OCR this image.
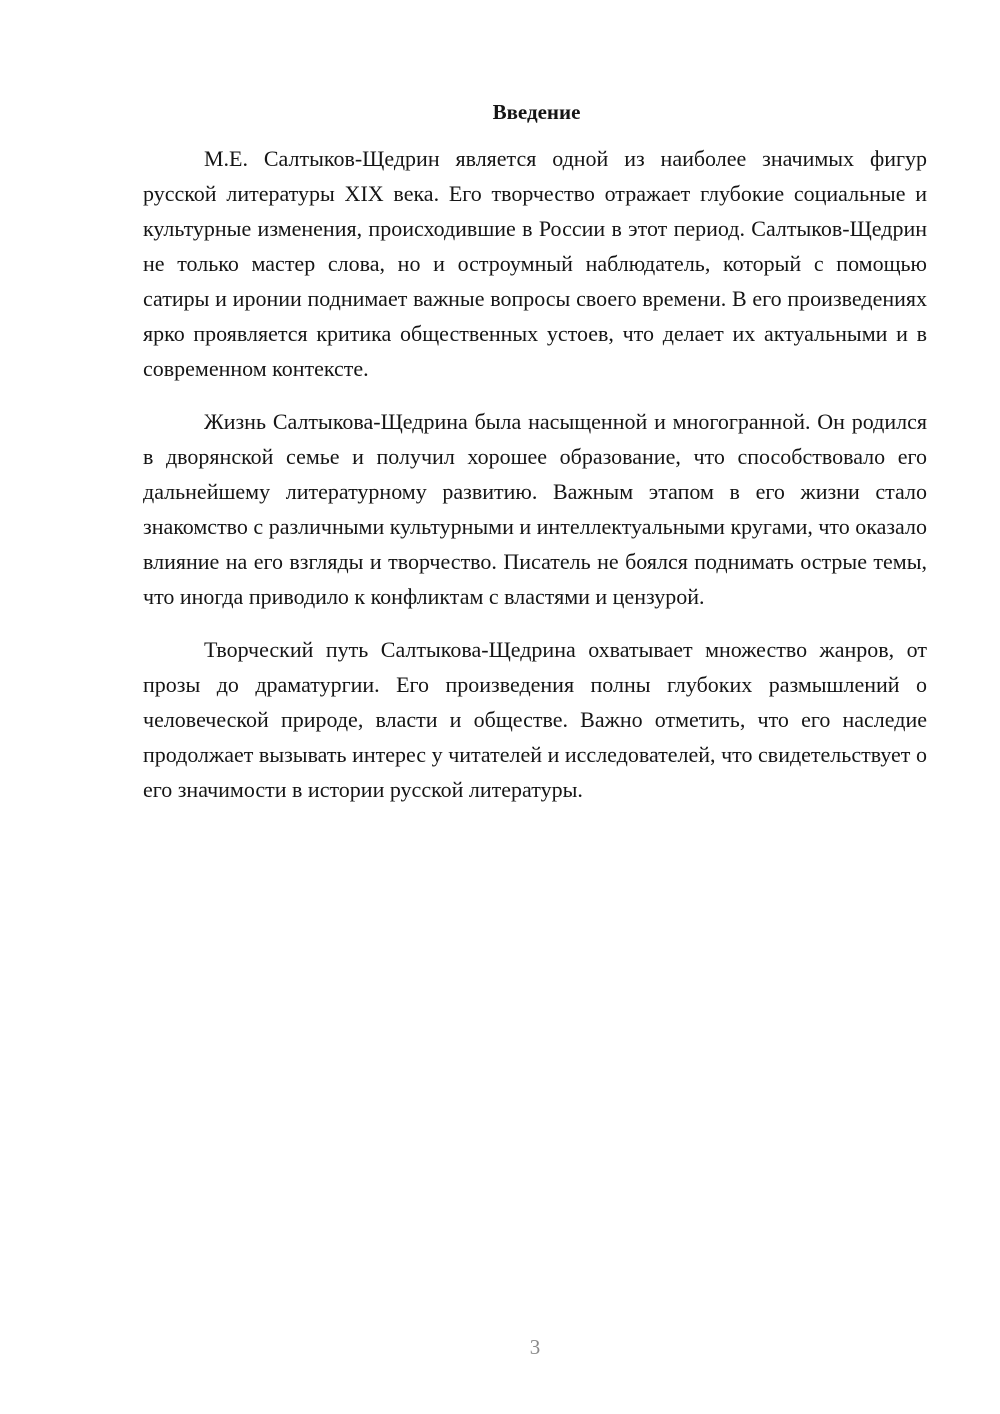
Введение

М.Е. Салтыков-Щедрин является одной из наиболее значимых фигур русской литературы XIX века. Его творчество отражает глубокие социальные и культурные изменения, происходившие в России в этот период. Салтыков-Щедрин не только мастер слова, но и остроумный наблюдатель, который с помощью сатиры и иронии поднимает важные вопросы своего времени. В его произведениях ярко проявляется критика общественных устоев, что делает их актуальными и в современном контексте.

Жизнь Салтыкова-Щедрина была насыщенной и многогранной. Он родился в дворянской семье и получил хорошее образование, что способствовало его дальнейшему литературному развитию. Важным этапом в его жизни стало знакомство с различными культурными и интеллектуальными кругами, что оказало влияние на его взгляды и творчество. Писатель не боялся поднимать острые темы, что иногда приводило к конфликтам с властями и цензурой.

Творческий путь Салтыкова-Щедрина охватывает множество жанров, от прозы до драматургии. Его произведения полны глубоких размышлений о человеческой природе, власти и обществе. Важно отметить, что его наследие продолжает вызывать интерес у читателей и исследователей, что свидетельствует о его значимости в истории русской литературы.

3
